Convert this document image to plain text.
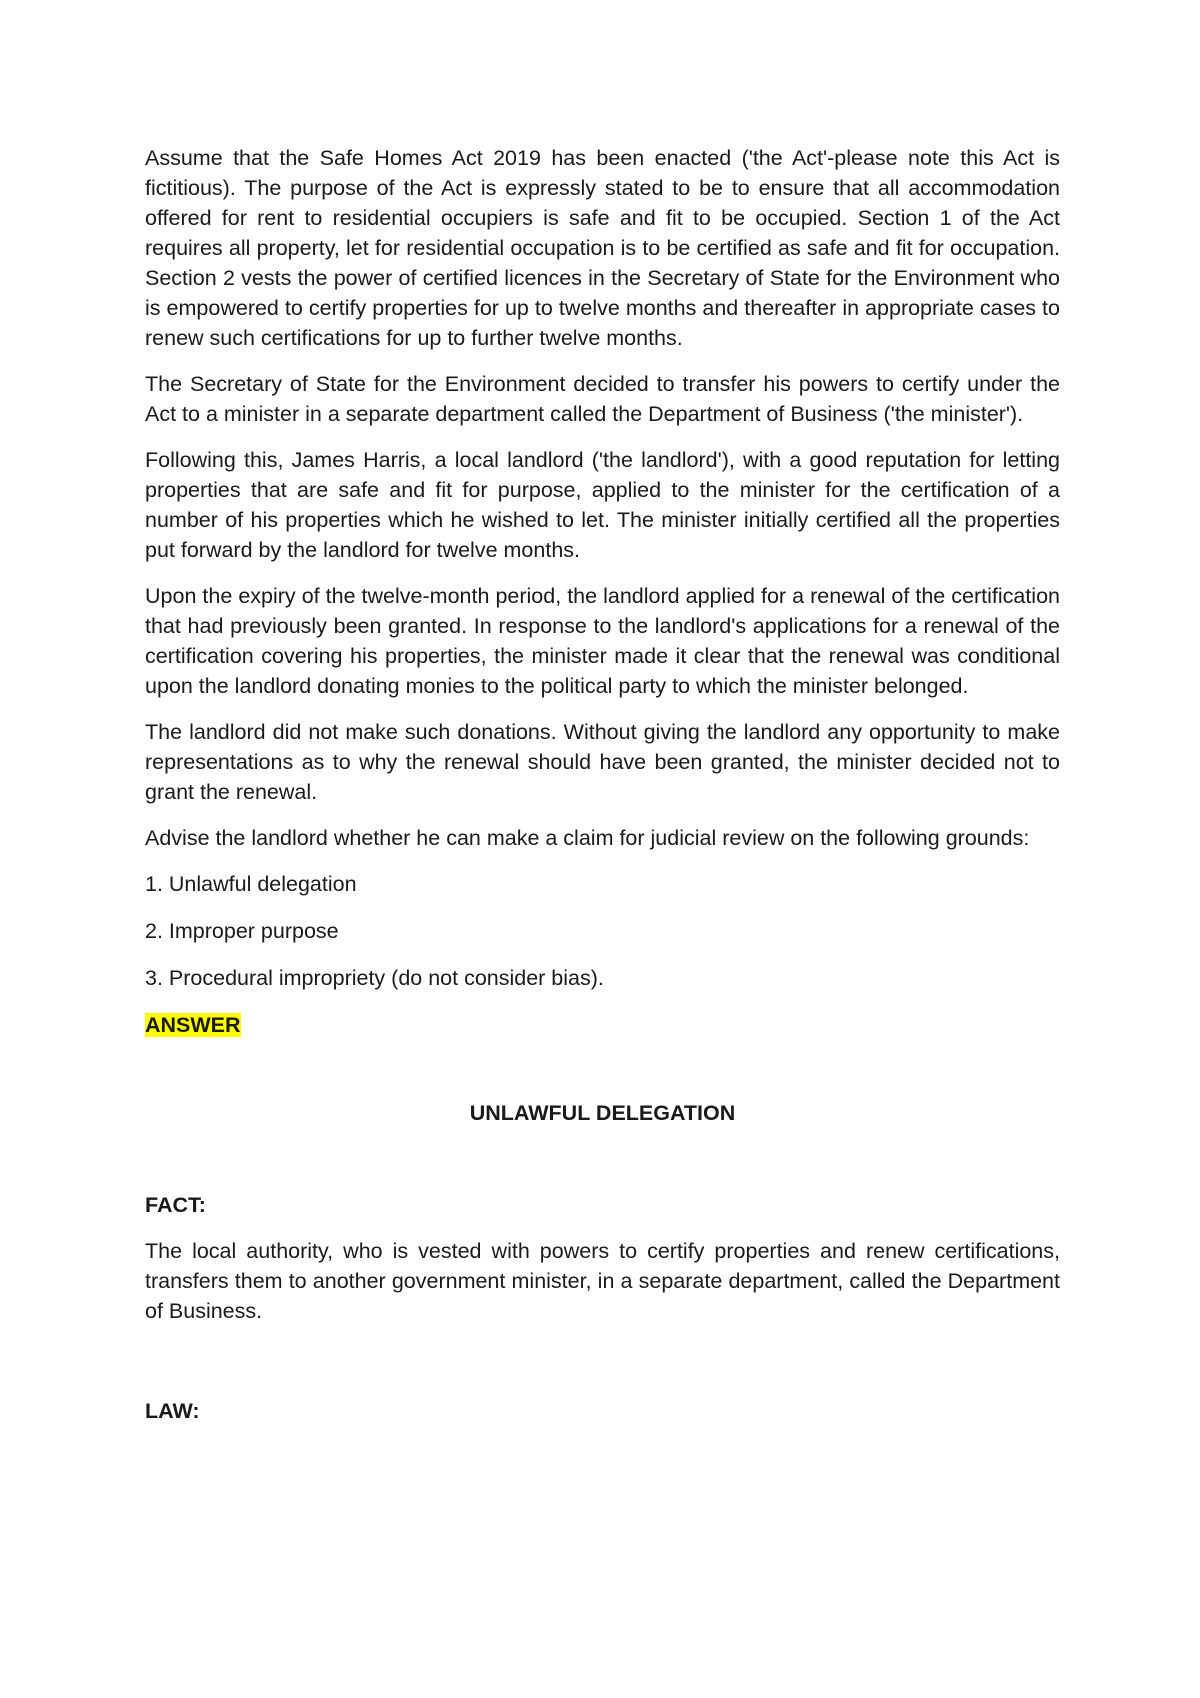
Assume that the Safe Homes Act 2019 has been enacted ('the Act'-please note this Act is fictitious). The purpose of the Act is expressly stated to be to ensure that all accommodation offered for rent to residential occupiers is safe and fit to be occupied. Section 1 of the Act requires all property, let for residential occupation is to be certified as safe and fit for occupation. Section 2 vests the power of certified licences in the Secretary of State for the Environment who is empowered to certify properties for up to twelve months and thereafter in appropriate cases to renew such certifications for up to further twelve months.

The Secretary of State for the Environment decided to transfer his powers to certify under the Act to a minister in a separate department called the Department of Business ('the minister').

Following this, James Harris, a local landlord ('the landlord'), with a good reputation for letting properties that are safe and fit for purpose, applied to the minister for the certification of a number of his properties which he wished to let. The minister initially certified all the properties put forward by the landlord for twelve months.

Upon the expiry of the twelve-month period, the landlord applied for a renewal of the certification that had previously been granted. In response to the landlord's applications for a renewal of the certification covering his properties, the minister made it clear that the renewal was conditional upon the landlord donating monies to the political party to which the minister belonged.

The landlord did not make such donations. Without giving the landlord any opportunity to make representations as to why the renewal should have been granted, the minister decided not to grant the renewal.

Advise the landlord whether he can make a claim for judicial review on the following grounds:

1. Unlawful delegation

2. Improper purpose

3. Procedural impropriety (do not consider bias).

ANSWER

UNLAWFUL DELEGATION

FACT:

The local authority, who is vested with powers to certify properties and renew certifications, transfers them to another government minister, in a separate department, called the Department of Business.

LAW:
